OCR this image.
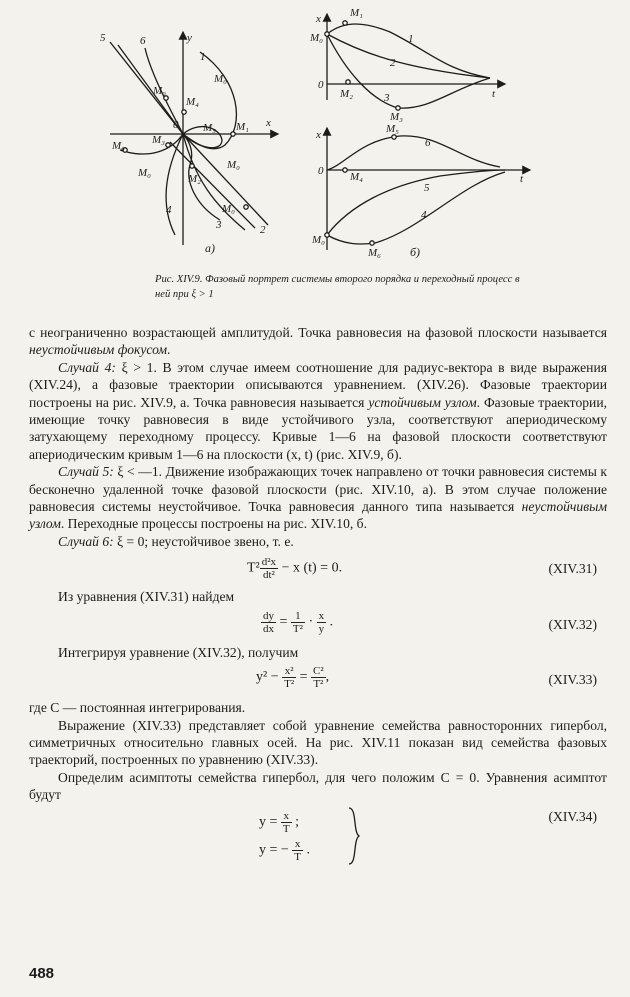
5	6	y
1
M₀
M₀
M₄
0 M₅ M₁ x
M₆ M₃
M₂
M₀
M₀
M₀
4
3	2
а)
x	M₁
M₀	1
2
0
M₂	3
M₃
t
x	M₅
6
0 M₄	t
5
4
M₀
M₆ б)
Рис. XIV.9. Фазовый портрет системы второго порядка и переходный процесс в ней при ξ > 1

с неограниченно возрастающей амплитудой. Точка равновесия на фазовой плоскости называется неустойчивым фокусом.

Случай 4: ξ > 1. В этом случае имеем соотношение для радиус-вектора в виде выражения (XIV.24), а фазовые траектории описываются уравнением. (XIV.26). Фазовые траектории построены на рис. XIV.9, а. Точка равновесия называется устойчивым узлом. Фазовые траектории, имеющие точку равновесия в виде устойчивого узла, соответствуют апериодическому затухающему переходному процессу. Кривые 1—6 на фазовой плоскости соответствуют апериодическим кривым 1—6 на плоскости (x, t) (рис. XIV.9, б).

Случай 5: ξ < —1. Движение изображающих точек направлено от точки равновесия системы к бесконечно удаленной точке фазовой плоскости (рис. XIV.10, а). В этом случае положение равновесия системы неустойчивое. Точка равновесия данного типа называется неустойчивым узлом. Переходные процессы построены на рис. XIV.10, б.

Случай 6: ξ = 0; неустойчивое звено, т. е.

$T^2 \frac{\text{d²x}}{\text{dt²}} - x$ (t) = 0.	(XIV.31)

Из уравнения (XIV.31) найдем

$\frac{dy}{dx} = \frac{1}{\text{T²}} \cdot \frac{x}{y}$ .	(XIV.32)

Интегрируя уравнение (XIV.32), получим

$y^2 - \frac{\text{x²}}{\text{T²}} = \frac{\text{C²}}{\text{T²}}$ ,	(XIV.33)

где C — постоянная интегрирования.

Выражение (XIV.33) представляет собой уравнение семейства равносторонних гипербол, симметричных относительно главных осей. На рис. XIV.11 показан вид семейства фазовых траекторий, построенных по уравнению (XIV.33).

Определим асимптоты семейства гипербол, для чего положим C = 0. Уравнения асимптот будут

$y = \frac{x}{T}$ ;
y = − $\frac{x}{T}$ .
(XIV.34)
488
